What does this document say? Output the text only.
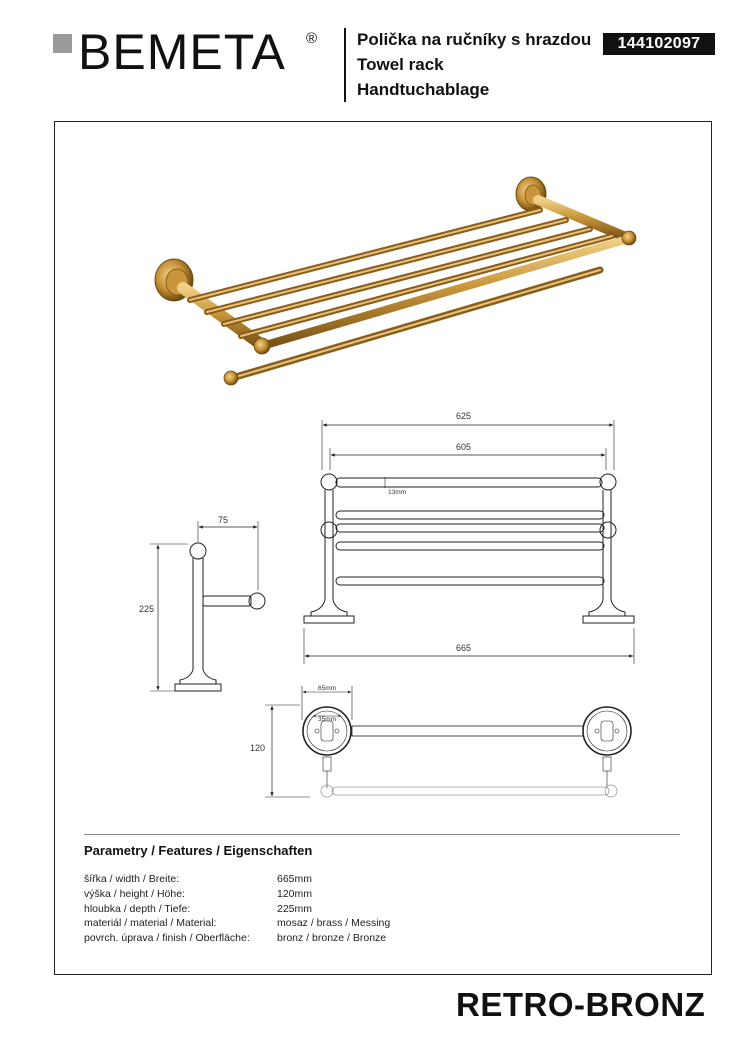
BEMETA ® Polička na ručníky s hrazdou
Towel rack
Handtuchablage
144102097
625
605
13mm
75
225
665
65mm
35mm
120
Parametry / Features / Eigenschaften
šířka / width / Breite:	665mm
výška / height / Höhe:	120mm
hloubka / depth / Tiefe:	225mm
materiál / material / Material:	mosaz / brass / Messing
povrch. úprava / finish / Oberfläche:	bronz / bronze / Bronze
RETRO-BRONZ
